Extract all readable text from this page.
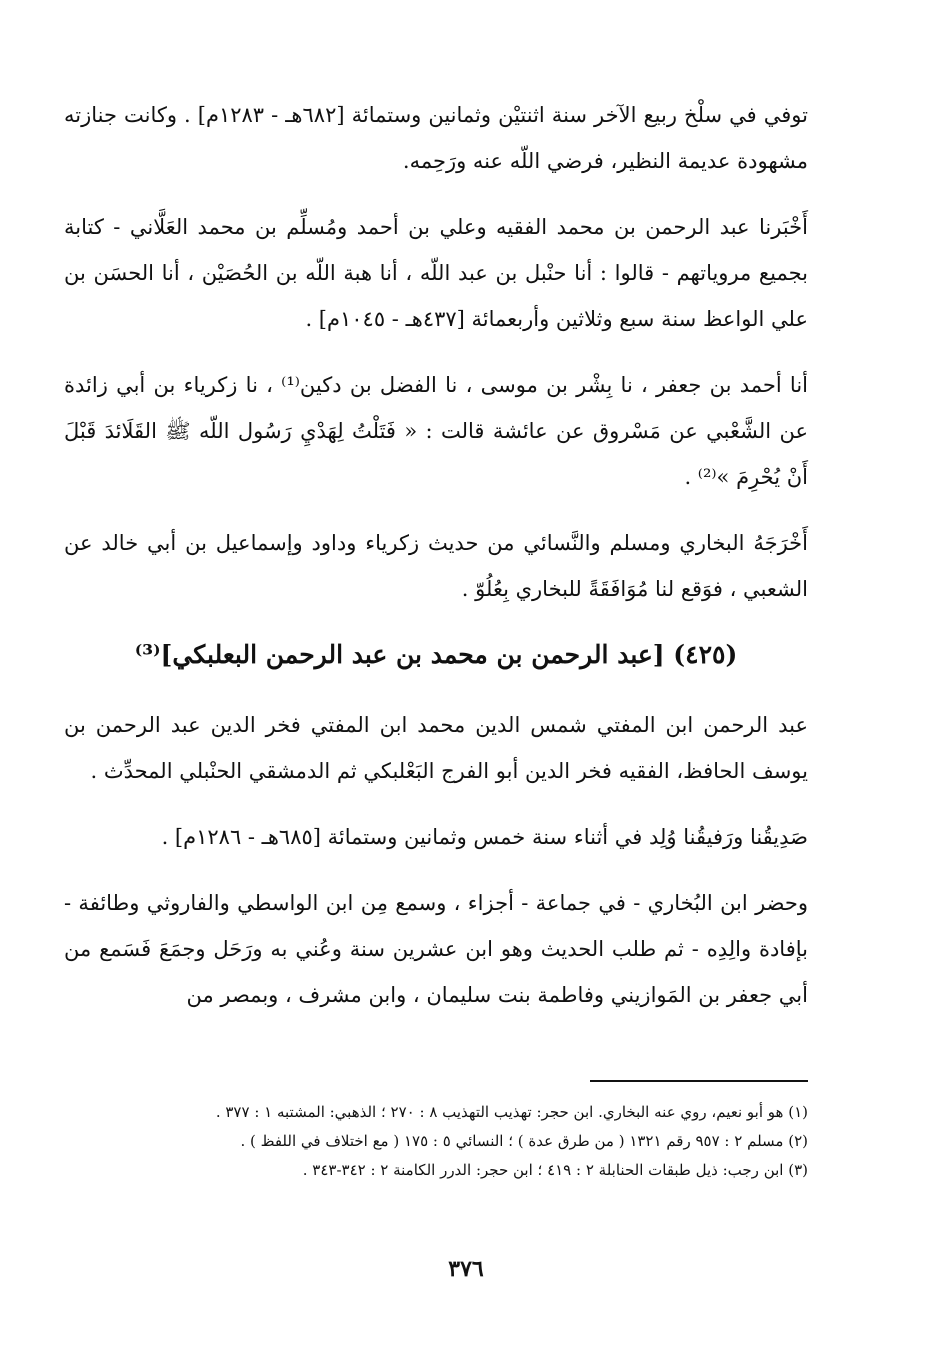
توفي في سلْخ ربيع الآخر سنة اثنتيْن وثمانين وستمائة [٦٨٢هـ - ١٢٨٣م] . وكانت جنازته مشهودة عديمة النظير، فرضي اللّه عنه ورَحِمه.

أَخْبَرنا عبد الرحمن بن محمد الفقيه وعلي بن أحمد ومُسلِّم بن محمد العَلَّاني - كتابة بجميع مروياتهم - قالوا : أنا حنْبل بن عبد اللّه ، أنا هبة اللّه بن الحُصَيْن ، أنا الحسَن بن علي الواعظ سنة سبع وثلاثين وأربعمائة [٤٣٧هـ - ١٠٤٥م] .

أنا أحمد بن جعفر ، نا بِشْر بن موسى ، نا الفضل بن دكين⁽¹⁾ ، نا زكرياء بن أبي زائدة عن الشَّعْبي عن مَسْروق عن عائشة قالت : « فَتَلْتُ لِهَدْيِ رَسُول اللّه ﷺ القَلَائدَ قَبْلَ أَنْ يُحْرِمَ »⁽²⁾ .

أَخْرَجَهُ البخاري ومسلم والنَّسائي من حديث زكرياء وداود وإسماعيل بن أبي خالد عن الشعبي ، فوَقع لنا مُوَافَقَةً للبخاري بِعُلُوّ .

(٤٢٥) [عبد الرحمن بن محمد بن عبد الرحمن البعلبكي]⁽³⁾

عبد الرحمن ابن المفتي شمس الدين محمد ابن المفتي فخر الدين عبد الرحمن بن يوسف الحافظ، الفقيه فخر الدين أبو الفرج البَعْلبكي ثم الدمشقي الحنْبلي المحدِّث .

صَدِيقُنا ورَفيقُنا وُلِد في أثناء سنة خمس وثمانين وستمائة [٦٨٥هـ - ١٢٨٦م] .

وحضر ابن البُخاري - في جماعة - أجزاء ، وسمع مِن ابن الواسطي والفاروثي وطائفة - بإفادة والِدِه - ثم طلب الحديث وهو ابن عشرين سنة وعُني به ورَحَل وجمَعَ فَسَمع من أبي جعفر بن المَوازيني وفاطمة بنت سليمان ، وابن مشرف ، وبمصر من

(١) هو أبو نعيم، روي عنه البخاري. ابن حجر: تهذيب التهذيب ٨ : ٢٧٠ ؛ الذهبي: المشتبه ١ : ٣٧٧ .

(٢) مسلم ٢ : ٩٥٧ رقم ١٣٢١ ( من طرق عدة ) ؛ النسائي ٥ : ١٧٥ ( مع اختلاف في اللفظ ) .

(٣) ابن رجب: ذيل طبقات الحنابلة ٢ : ٤١٩ ؛ ابن حجر: الدرر الكامنة ٢ : ٣٤٢-٣٤٣ .

٣٧٦
